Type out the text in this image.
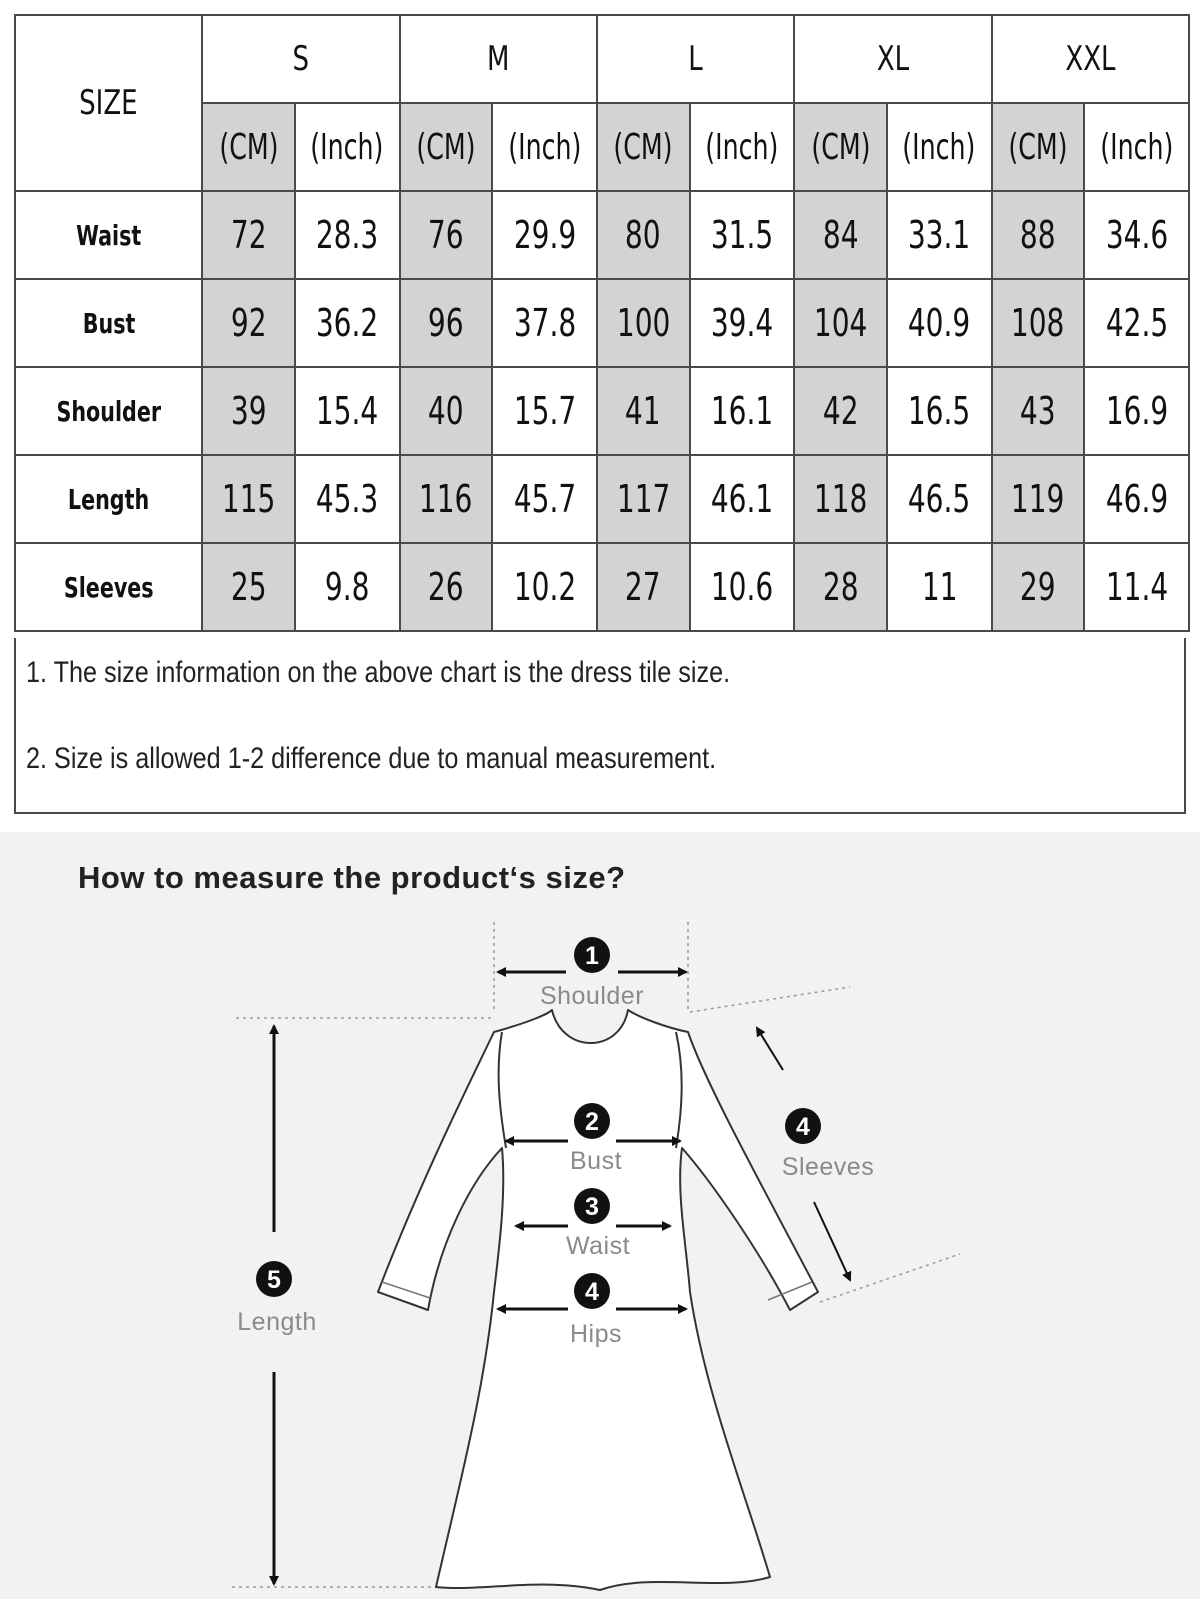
SIZE	S		M		L		XL		XXL	
	(CM)	(Inch)	(CM)	(Inch)	(CM)	(Inch)	(CM)	(Inch)	(CM)	(Inch)
Waist	72	28.3	76	29.9	80	31.5	84	33.1	88	34.6
Bust	92	36.2	96	37.8	100	39.4	104	40.9	108	42.5
Shoulder	39	15.4	40	15.7	41	16.1	42	16.5	43	16.9
Length	115	45.3	116	45.7	117	46.1	118	46.5	119	46.9
Sleeves	25	9.8	26	10.2	27	10.6	28	11	29	11.4
1. The size information on the above chart is the dress tile size.
2. Size is allowed 1-2 difference due to manual measurement.
How to measure the product‘s size?
1
Shoulder
2
Bust
3
Waist
4
Hips
4
Sleeves
5
Length
